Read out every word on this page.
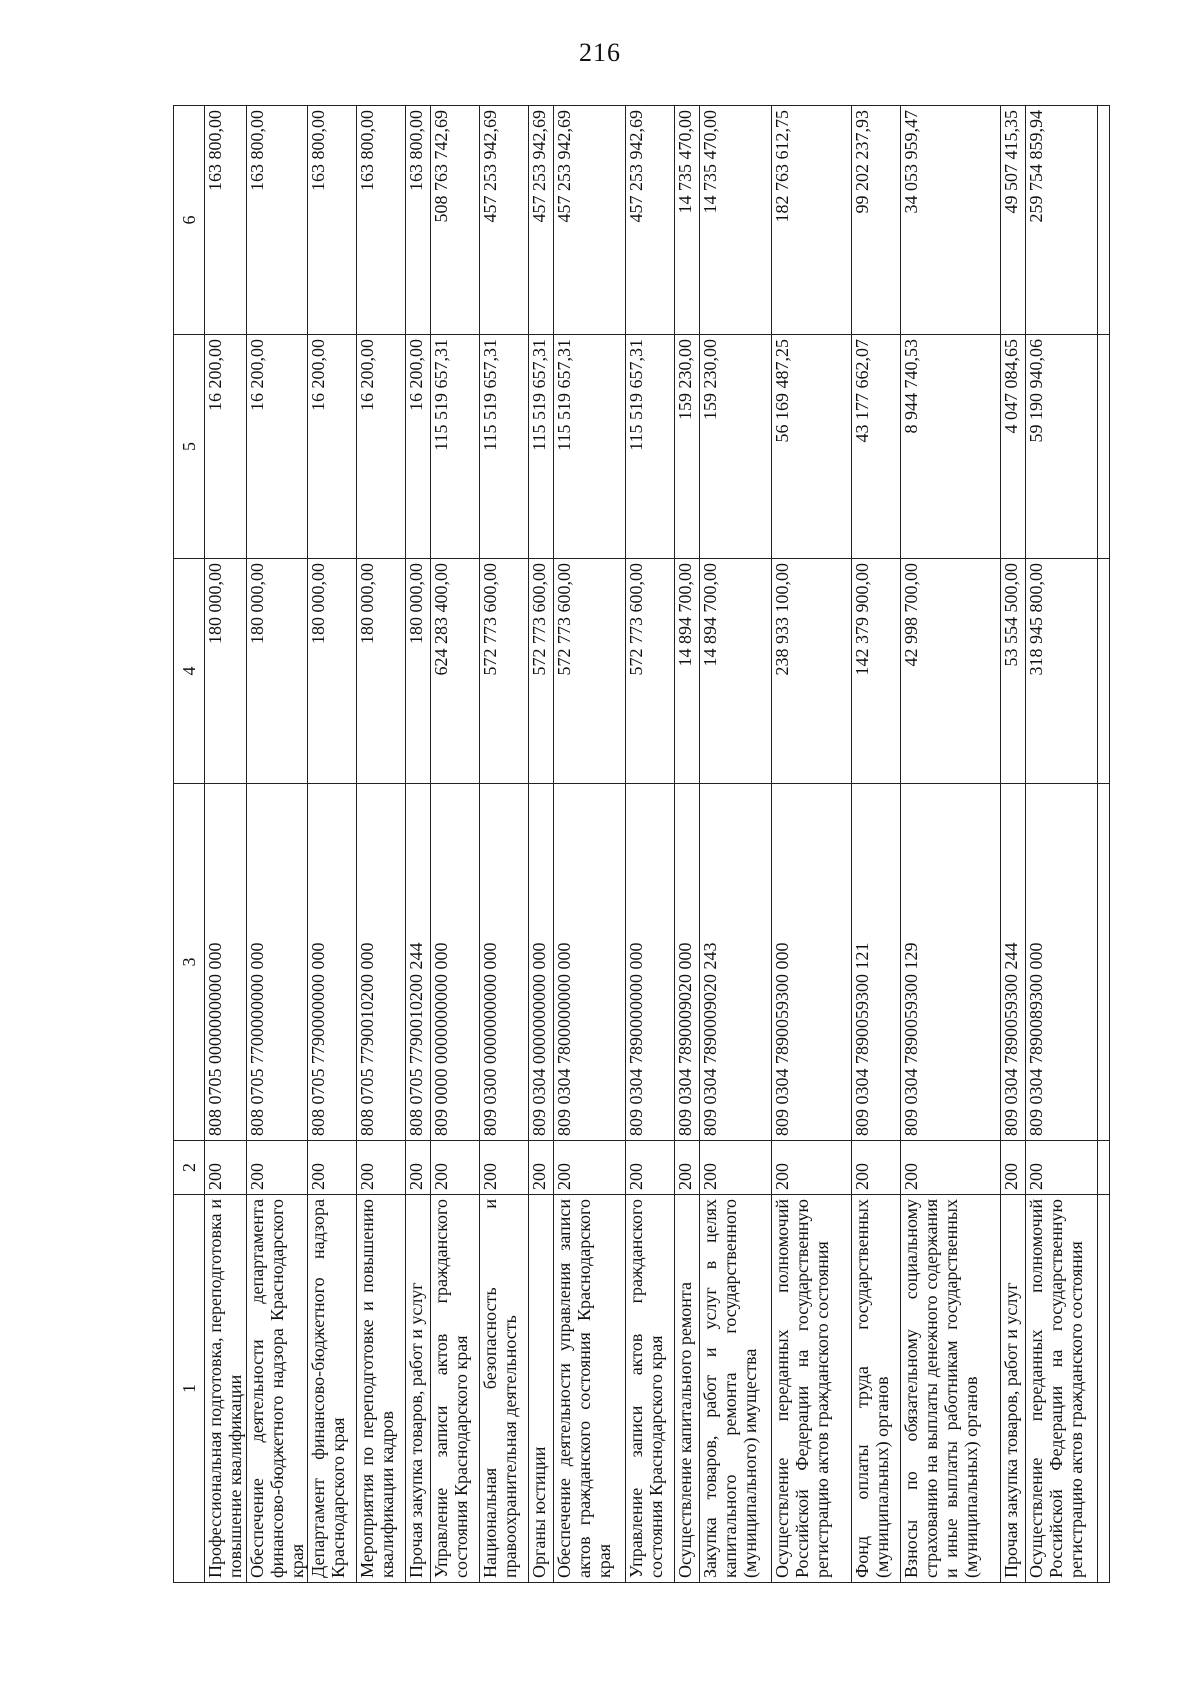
216
1	2	3	4	5	6
Профессиональная подготовка, переподготовка и повышение квалификации	200	808 0705 0000000000 000	180 000,00	16 200,00	163 800,00
Обеспечение деятельности департамента финансово-бюджетного надзора Краснодарского края	200	808 0705 7700000000 000	180 000,00	16 200,00	163 800,00
Департамент финансово-бюджетного надзора Краснодарского края	200	808 0705 7790000000 000	180 000,00	16 200,00	163 800,00
Мероприятия по переподготовке и повышению квалификации кадров	200	808 0705 7790010200 000	180 000,00	16 200,00	163 800,00
Прочая закупка товаров, работ и услуг	200	808 0705 7790010200 244	180 000,00	16 200,00	163 800,00
Управление записи актов гражданского состояния Краснодарского края	200	809 0000 0000000000 000	624 283 400,00	115 519 657,31	508 763 742,69
Национальная безопасность и правоохранительная деятельность	200	809 0300 0000000000 000	572 773 600,00	115 519 657,31	457 253 942,69
Органы юстиции	200	809 0304 0000000000 000	572 773 600,00	115 519 657,31	457 253 942,69
Обеспечение деятельности управления записи актов гражданского состояния Краснодарского края	200	809 0304 7800000000 000	572 773 600,00	115 519 657,31	457 253 942,69
Управление записи актов гражданского состояния Краснодарского края	200	809 0304 7890000000 000	572 773 600,00	115 519 657,31	457 253 942,69
Осуществление капитального ремонта	200	809 0304 7890009020 000	14 894 700,00	159 230,00	14 735 470,00
Закупка товаров, работ и услуг в целях капитального ремонта государственного (муниципального) имущества	200	809 0304 7890009020 243	14 894 700,00	159 230,00	14 735 470,00
Осуществление переданных полномочий Российской Федерации на государственную регистрацию актов гражданского состояния	200	809 0304 7890059300 000	238 933 100,00	56 169 487,25	182 763 612,75
Фонд оплаты труда государственных (муниципальных) органов	200	809 0304 7890059300 121	142 379 900,00	43 177 662,07	99 202 237,93
Взносы по обязательному социальному страхованию на выплаты денежного содержания и иные выплаты работникам государственных (муниципальных) органов	200	809 0304 7890059300 129	42 998 700,00	8 944 740,53	34 053 959,47
Прочая закупка товаров, работ и услуг	200	809 0304 7890059300 244	53 554 500,00	4 047 084,65	49 507 415,35
Осуществление переданных полномочий Российской Федерации на государственную регистрацию актов гражданского состояния	200	809 0304 7890089300 000	318 945 800,00	59 190 940,06	259 754 859,94
